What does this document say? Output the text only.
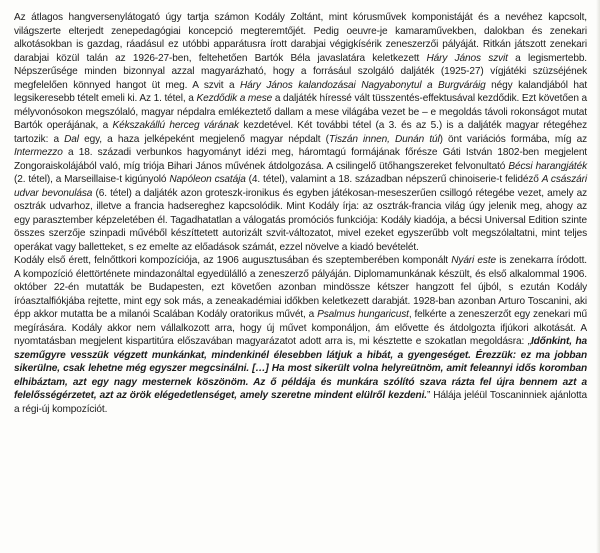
Az átlagos hangversenylátogató úgy tartja számon Kodály Zoltánt, mint kórusművek komponistáját és a nevéhez kapcsolt, világszerte elterjedt zenepedagógiai koncepció megteremtőjét. Pedig oeuvre-je kamaraművekben, dalokban és zenekari alkotásokban is gazdag, ráadásul ez utóbbi apparátusra írott darabjai végigkísérik zeneszerzői pályáját. Ritkán játszott zenekari darabjai közül talán az 1926-27-ben, feltehetően Bartók Béla javaslatára keletkezett Háry János szvit a legismertebb. Népszerűsége minden bizonnyal azzal magyarázható, hogy a forrásául szolgáló daljáték (1925-27) vígjátéki szüzséjének megfelelően könnyed hangot üt meg. A szvit a Háry János kalandozásai Nagyabonytul a Burgváráig négy kalandjából hat legsikeresebb tételt emeli ki. Az 1. tétel, a Kezdődik a mese a daljáték híressé vált tüsszentés-effektusával kezdődik. Ezt követően a mélyvonósokon megszólaló, magyar népdalra emlékeztető dallam a mese világába vezet be – e megoldás távoli rokonságot mutat Bartók operájának, a Kékszakállú herceg várának kezdetével. Két további tétel (a 3. és az 5.) is a daljáték magyar rétegéhez tartozik: a Dal egy, a haza jelképeként megjelenő magyar népdalt (Tiszán innen, Dunán túl) önt variációs formába, míg az Intermezzo a 18. századi verbunkos hagyományt idézi meg, háromtagú formájának főrésze Gáti István 1802-ben megjelent Zongoraiskolájából való, míg triója Bihari János művének átdolgozása. A csilingelő ütőhangszereket felvonultató Bécsi harangjáték (2. tétel), a Marseillaise-t kigúnyoló Napóleon csatája (4. tétel), valamint a 18. században népszerű chinoiserie-t felidéző A császári udvar bevonulása (6. tétel) a daljáték azon groteszk-ironikus és egyben játékosan-meseszerűen csillogó rétegébe vezet, amely az osztrák udvarhoz, illetve a francia hadsereghez kapcsolódik. Mint Kodály írja: az osztrák-francia világ úgy jelenik meg, ahogy az egy parasztember képzeletében él. Tagadhatatlan a válogatás promóciós funkciója: Kodály kiadója, a bécsi Universal Edition szinte összes szerzője szinpadi művéből készíttetett autorizált szvit-változatot, mivel ezeket egyszerűbb volt megszólaltatni, mint teljes operákat vagy balletteket, s ez emelte az előadások számát, ezzel növelve a kiadó bevételét.

Kodály első érett, felnőttkori kompozíciója, az 1906 augusztusában és szeptemberében komponált Nyári este is zenekarra íródott. A kompozíció élettörténete mindazonáltal egyedülálló a zeneszerző pályáján. Diplomamunkának készült, és első alkalommal 1906. október 22-én mutatták be Budapesten, ezt követően azonban mindössze kétszer hangzott fel újból, s ezután Kodály íróasztalfiókjába rejtette, mint egy sok más, a zeneakadémiai időkben keletkezett darabját. 1928-ban azonban Arturo Toscanini, aki épp akkor mutatta be a milanói Scalában Kodály oratorikus művét, a Psalmus hungaricust, felkérte a zeneszerzőt egy zenekari mű megírására. Kodály akkor nem vállalkozott arra, hogy új művet komponáljon, ám elővette és átdolgozta ifjúkori alkotását. A nyomtatásban megjelent kispartitúra előszavában magyarázatot adott arra is, mi késztette e szokatlan megoldásra: „Időnkint, ha szeműgyre vesszük végzett munkánkat, mindenkinél élesebben látjuk a hibát, a gyengeséget. Érezzük: ez ma jobban sikerülne, csak lehetne még egyszer megcsinálni. […] Ha most sikerült volna helyreütnöm, amit feleannyi idős koromban elhibáztam, azt egy nagy mesternek köszönöm. Az ő példája és munkára szólító szava rázta fel újra bennem azt a felelősségérzetet, azt az örök elégedetlenséget, amely szeretne mindent elülről kezdeni.” Hálája jeléül Toscaninniek ajánlotta a régi-új kompozíciót.
